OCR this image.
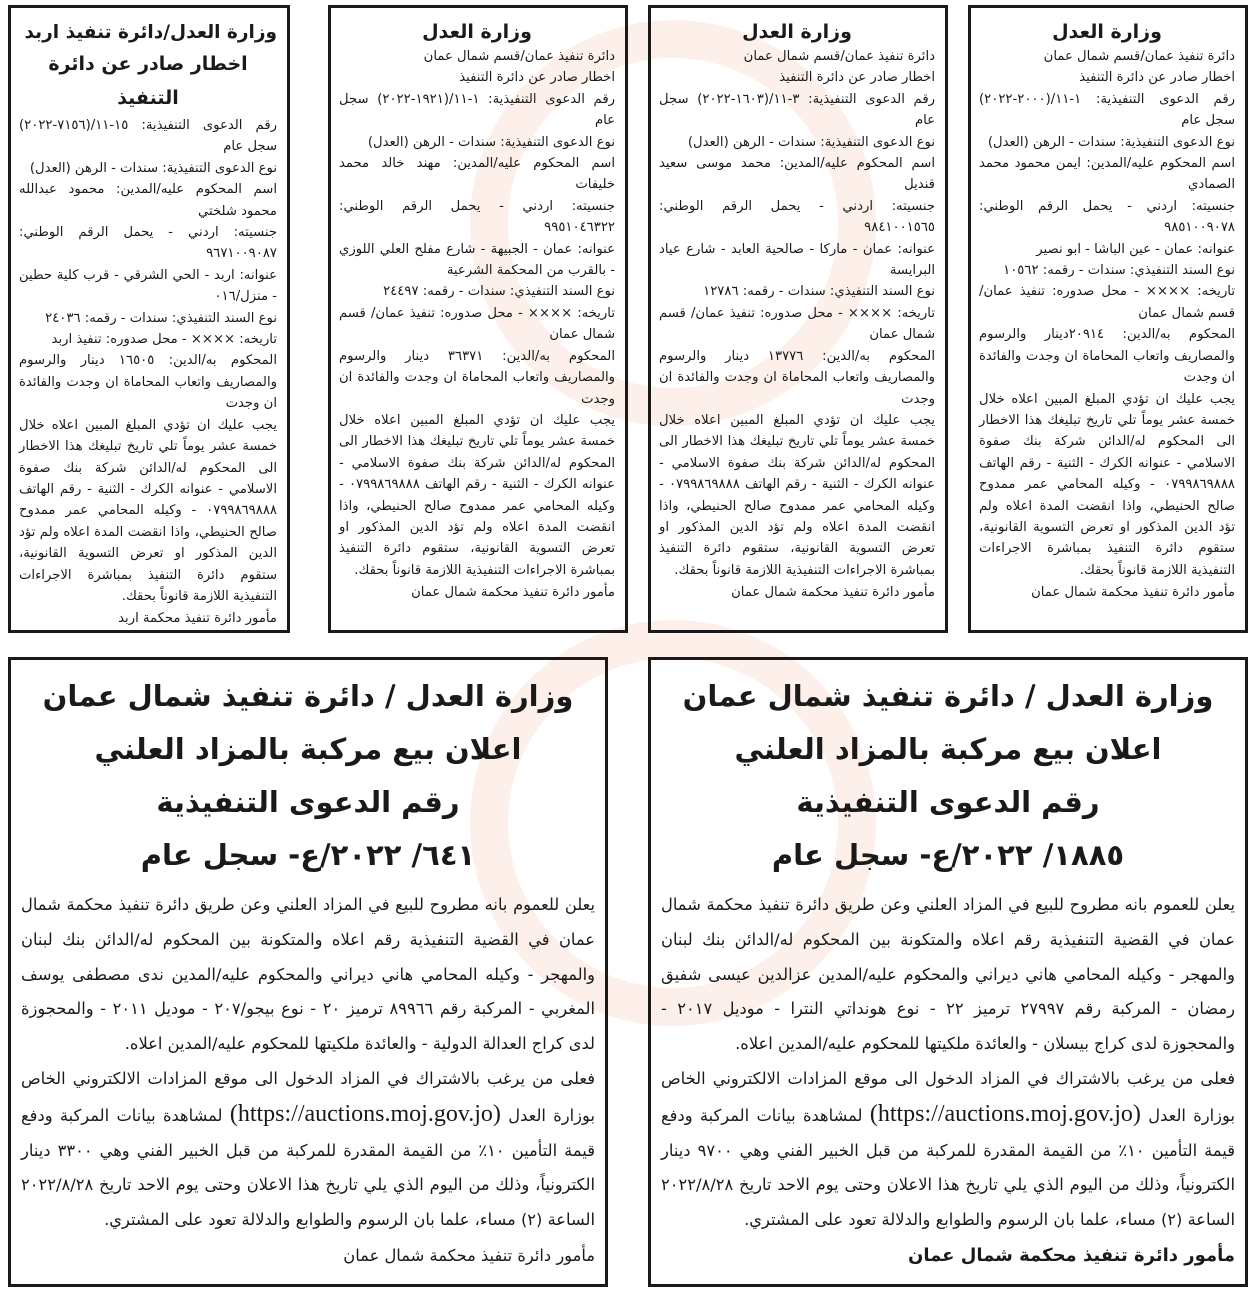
وزارة العدل
دائرة تنفيذ عمان/قسم شمال عمان
اخطار صادر عن دائرة التنفيذ
رقم الدعوى التنفيذية: ١-١١/(٢٠٠٠-٢٠٢٢) سجل عام
نوع الدعوى التنفيذية: سندات - الرهن (العدل)
اسم المحكوم عليه/المدين: ايمن محمود محمد الصمادي
جنسيته: اردني - يحمل الرقم الوطني: ٩٨٥١٠٠٩٠٧٨
عنوانه: عمان - عين الباشا - ابو نصير
نوع السند التنفيذي: سندات - رقمه: ١٠٥٦٢
تاريخه: ×××× - محل صدوره: تنفيذ عمان/ قسم شمال عمان
المحكوم به/الدين: ٢٠٩١٤دينار والرسوم والمصاريف واتعاب المحاماة ان وجدت والفائدة ان وجدت
يجب عليك ان تؤدي المبلغ المبين اعلاه خلال خمسة عشر يوماً تلي تاريخ تبليغك هذا الاخطار الى المحكوم له/الدائن شركة بنك صفوة الاسلامي - عنوانه الكرك - الثنية - رقم الهاتف ٠٧٩٩٨٦٩٨٨٨ - وكيله المحامي عمر ممدوح صالح الحنيطي، واذا انقضت المدة اعلاه ولم تؤد الدين المذكور او تعرض التسوية القانونية، ستقوم دائرة التنفيذ بمباشرة الاجراءات التنفيذية اللازمة قانوناً بحقك.
مأمور دائرة تنفيذ محكمة شمال عمان
وزارة العدل
دائرة تنفيذ عمان/قسم شمال عمان
اخطار صادر عن دائرة التنفيذ
رقم الدعوى التنفيذية: ٣-١١/(١٦٠٣-٢٠٢٢) سجل عام
نوع الدعوى التنفيذية: سندات - الرهن (العدل)
اسم المحكوم عليه/المدين: محمد موسى سعيد قنديل
جنسيته: اردني - يحمل الرقم الوطني: ٩٨٤١٠٠١٥٦٥
عنوانه: عمان - ماركا - صالحية العابد - شارع عياد البرايسة
نوع السند التنفيذي: سندات - رقمه: ١٢٧٨٦
تاريخه: ×××× - محل صدوره: تنفيذ عمان/ قسم شمال عمان
المحكوم به/الدين: ١٣٧٧٦ دينار والرسوم والمصاريف واتعاب المحاماة ان وجدت والفائدة ان وجدت
يجب عليك ان تؤدي المبلغ المبين اعلاه خلال خمسة عشر يوماً تلي تاريخ تبليغك هذا الاخطار الى المحكوم له/الدائن شركة بنك صفوة الاسلامي - عنوانه الكرك - الثنية - رقم الهاتف ٠٧٩٩٨٦٩٨٨٨ - وكيله المحامي عمر ممدوح صالح الحنيطي، واذا انقضت المدة اعلاه ولم تؤد الدين المذكور او تعرض التسوية القانونية، ستقوم دائرة التنفيذ بمباشرة الاجراءات التنفيذية اللازمة قانوناً بحقك.
مأمور دائرة تنفيذ محكمة شمال عمان
وزارة العدل
دائرة تنفيذ عمان/قسم شمال عمان
اخطار صادر عن دائرة التنفيذ
رقم الدعوى التنفيذية: ١-١١/(١٩٢١-٢٠٢٢) سجل عام
نوع الدعوى التنفيذية: سندات - الرهن (العدل)
اسم المحكوم عليه/المدين: مهند خالد محمد خليفات
جنسيته: اردني - يحمل الرقم الوطني: ٩٩٥١٠٤٦٣٢٢
عنوانه: عمان - الجبيهة - شارع مفلح العلي اللوزي - بالقرب من المحكمة الشرعية
نوع السند التنفيذي: سندات - رقمه: ٢٤٤٩٧
تاريخه: ×××× - محل صدوره: تنفيذ عمان/ قسم شمال عمان
المحكوم به/الدين: ٣٦٣٧١ دينار والرسوم والمصاريف واتعاب المحاماة ان وجدت والفائدة ان وجدت
يجب عليك ان تؤدي المبلغ المبين اعلاه خلال خمسة عشر يوماً تلي تاريخ تبليغك هذا الاخطار الى المحكوم له/الدائن شركة بنك صفوة الاسلامي - عنوانه الكرك - الثنية - رقم الهاتف ٠٧٩٩٨٦٩٨٨٨ - وكيله المحامي عمر ممدوح صالح الحنيطي، واذا انقضت المدة اعلاه ولم تؤد الدين المذكور او تعرض التسوية القانونية، ستقوم دائرة التنفيذ بمباشرة الاجراءات التنفيذية اللازمة قانوناً بحقك.
مأمور دائرة تنفيذ محكمة شمال عمان
وزارة العدل/دائرة تنفيذ اربد
اخطار صادر عن دائرة التنفيذ
رقم الدعوى التنفيذية: ١٥-١١/(٧١٥٦-٢٠٢٢) سجل عام
نوع الدعوى التنفيذية: سندات - الرهن (العدل)
اسم المحكوم عليه/المدين: محمود عبدالله محمود شلختي
جنسيته: اردني - يحمل الرقم الوطني: ٩٦٧١٠٠٩٠٨٧
عنوانه: اربد - الحي الشرقي - قرب كلية حطين - منزل/٠١٦
نوع السند التنفيذي: سندات - رقمه: ٢٤٠٣٦
تاريخه: ×××× - محل صدوره: تنفيذ اربد
المحكوم به/الدين: ١٦٥٠٥ دينار والرسوم والمصاريف واتعاب المحاماة ان وجدت والفائدة ان وجدت
يجب عليك ان تؤدي المبلغ المبين اعلاه خلال خمسة عشر يوماً تلي تاريخ تبليغك هذا الاخطار الى المحكوم له/الدائن شركة بنك صفوة الاسلامي - عنوانه الكرك - الثنية - رقم الهاتف ٠٧٩٩٨٦٩٨٨٨ - وكيله المحامي عمر ممدوح صالح الحنيطي، واذا انقضت المدة اعلاه ولم تؤد الدين المذكور او تعرض التسوية القانونية، ستقوم دائرة التنفيذ بمباشرة الاجراءات التنفيذية اللازمة قانوناً بحقك.
مأمور دائرة تنفيذ محكمة اربد
وزارة العدل / دائرة تنفيذ شمال عمان
اعلان بيع مركبة بالمزاد العلني
رقم الدعوى التنفيذية
١٨٨٥/ ٢٠٢٢/ع- سجل عام
يعلن للعموم بانه مطروح للبيع في المزاد العلني وعن طريق دائرة تنفيذ محكمة شمال عمان في القضية التنفيذية رقم اعلاه والمتكونة بين المحكوم له/الدائن بنك لبنان والمهجر - وكيله المحامي هاني ديراني والمحكوم عليه/المدين عزالدين عيسى شفيق رمضان - المركبة رقم ٢٧٩٩٧ ترميز ٢٢ - نوع هونداتي النترا - موديل ٢٠١٧ - والمحجوزة لدى كراج بيسلان - والعائدة ملكيتها للمحكوم عليه/المدين اعلاه.
فعلى من يرغب بالاشتراك في المزاد الدخول الى موقع المزادات الالكتروني الخاص بوزارة العدل (https://auctions.moj.gov.jo) لمشاهدة بيانات المركبة ودفع قيمة التأمين ١٠٪ من القيمة المقدرة للمركبة من قبل الخبير الفني وهي ٩٧٠٠ دينار الكترونياً، وذلك من اليوم الذي يلي تاريخ هذا الاعلان وحتى يوم الاحد تاريخ ٢٠٢٢/٨/٢٨ الساعة (٢) مساء، علما بان الرسوم والطوابع والدلالة تعود على المشتري.
مأمور دائرة تنفيذ محكمة شمال عمان
وزارة العدل / دائرة تنفيذ شمال عمان
اعلان بيع مركبة بالمزاد العلني
رقم الدعوى التنفيذية
٦٤١/ ٢٠٢٢/ع- سجل عام
يعلن للعموم بانه مطروح للبيع في المزاد العلني وعن طريق دائرة تنفيذ محكمة شمال عمان في القضية التنفيذية رقم اعلاه والمتكونة بين المحكوم له/الدائن بنك لبنان والمهجر - وكيله المحامي هاني ديراني والمحكوم عليه/المدين ندى مصطفى يوسف المغربي - المركبة رقم ٨٩٩٦٦ ترميز ٢٠ - نوع بيجو/٢٠٧ - موديل ٢٠١١ - والمحجوزة لدى كراج العدالة الدولية - والعائدة ملكيتها للمحكوم عليه/المدين اعلاه.
فعلى من يرغب بالاشتراك في المزاد الدخول الى موقع المزادات الالكتروني الخاص بوزارة العدل (https://auctions.moj.gov.jo) لمشاهدة بيانات المركبة ودفع قيمة التأمين ١٠٪ من القيمة المقدرة للمركبة من قبل الخبير الفني وهي ٣٣٠٠ دينار الكترونياً، وذلك من اليوم الذي يلي تاريخ هذا الاعلان وحتى يوم الاحد تاريخ ٢٠٢٢/٨/٢٨ الساعة (٢) مساء، علما بان الرسوم والطوابع والدلالة تعود على المشتري.
مأمور دائرة تنفيذ محكمة شمال عمان
